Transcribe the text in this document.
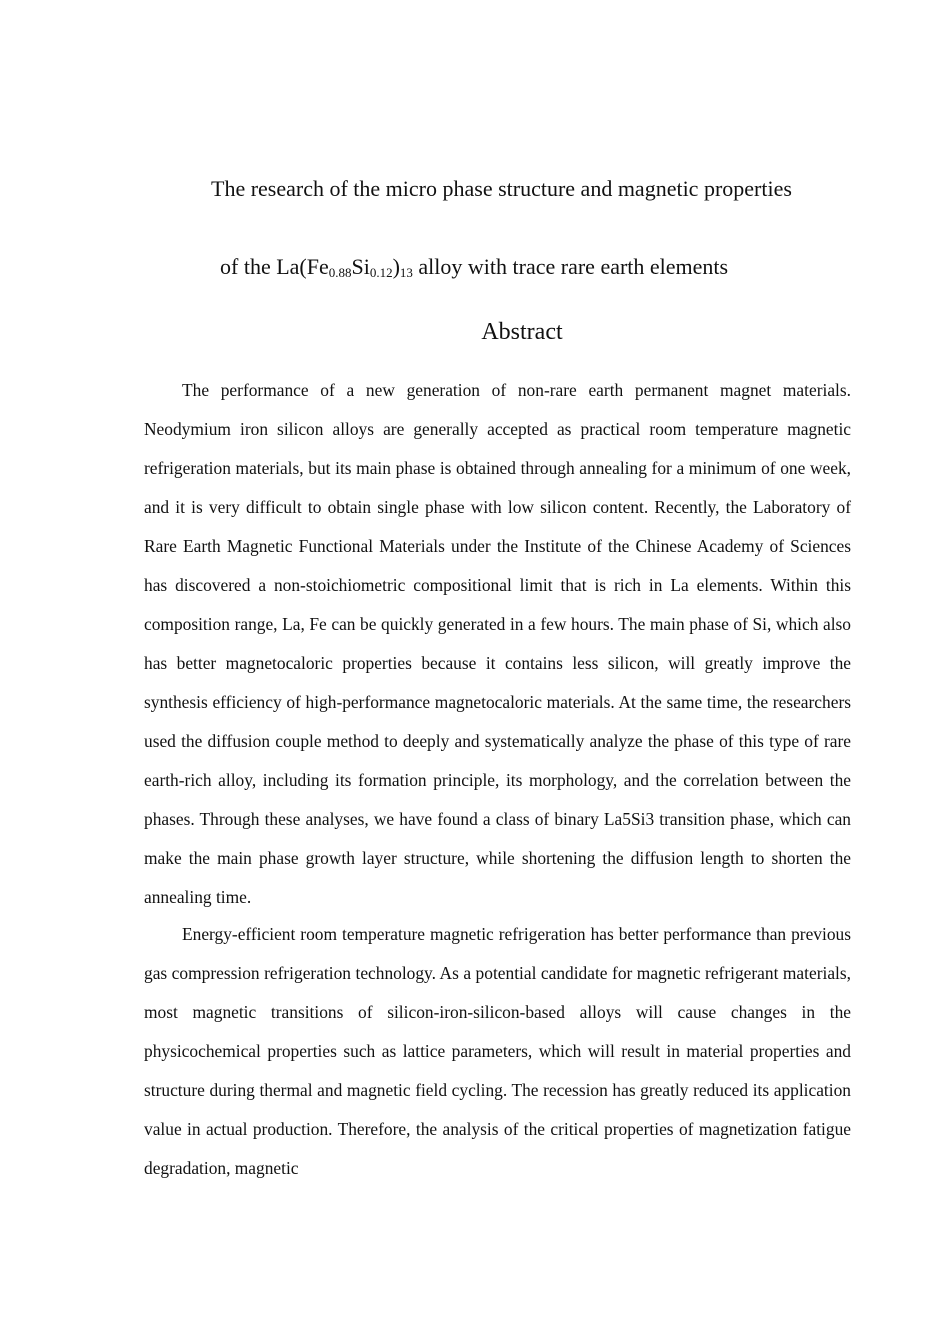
The research of the micro phase structure and magnetic properties
of the $La(Fe_{0.88}Si_{0.12})_{13}$ alloy with trace rare earth elements
Abstract

The performance of a new generation of non-rare earth permanent magnet materials. Neodymium iron silicon alloys are generally accepted as practical room temperature magnetic refrigeration materials, but its main phase is obtained through annealing for a minimum of one week, and it is very difficult to obtain single phase with low silicon content. Recently, the Laboratory of Rare Earth Magnetic Functional Materials under the Institute of the Chinese Academy of Sciences has discovered a non-stoichiometric compositional limit that is rich in La elements. Within this composition range, La, Fe can be quickly generated in a few hours. The main phase of Si, which also has better magnetocaloric properties because it contains less silicon, will greatly improve the synthesis efficiency of high-performance magnetocaloric materials. At the same time, the researchers used the diffusion couple method to deeply and systematically analyze the phase of this type of rare earth-rich alloy, including its formation principle, its morphology, and the correlation between the phases. Through these analyses, we have found a class of binary La5Si3 transition phase, which can make the main phase growth layer structure, while shortening the diffusion length to shorten the annealing time.

Energy-efficient room temperature magnetic refrigeration has better performance than previous gas compression refrigeration technology. As a potential candidate for magnetic refrigerant materials, most magnetic transitions of silicon-iron-silicon-based alloys will cause changes in the physicochemical properties such as lattice parameters, which will result in material properties and structure during thermal and magnetic field cycling. The recession has greatly reduced its application value in actual production. Therefore, the analysis of the critical properties of magnetization fatigue degradation, magnetic
